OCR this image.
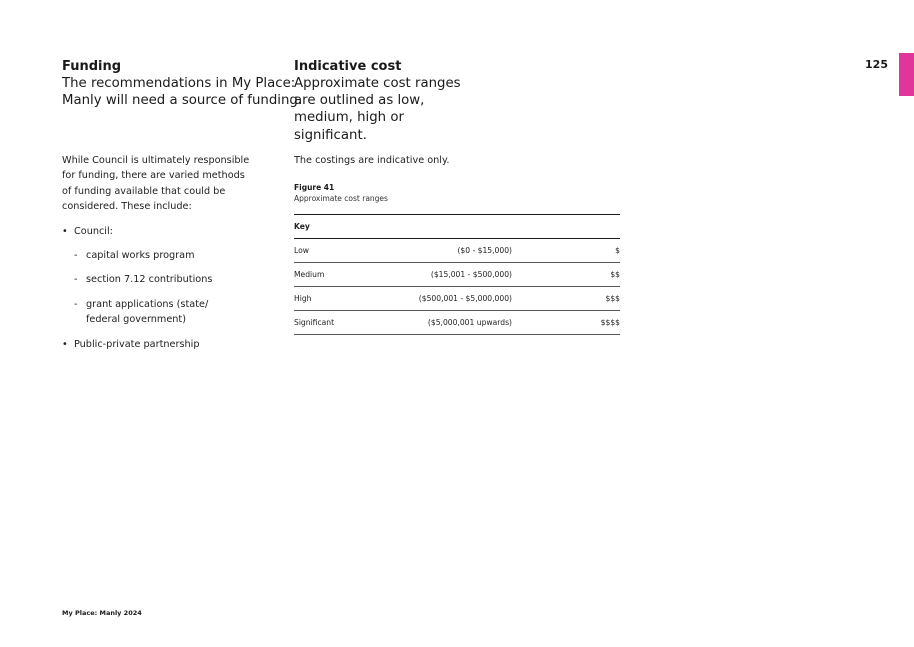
125
Funding
The recommendations in My Place:
Manly will need a source of funding.
Indicative cost
Approximate cost ranges are outlined as low, medium, high or significant.

While Council is ultimately responsible for funding, there are varied methods of funding available that could be considered. These include:

• Council:
- capital works program
- section 7.12 contributions
- grant applications (state/ federal government)
• Public-private partnership

The costings are indicative only.

Figure 41
Approximate cost ranges
Key		
Low	($0 - $15,000)	$
Medium	($15,001 - $500,000)	$$
High	($500,001 - $5,000,000)	$$$
Significant	($5,000,001 upwards)	$$$$
My Place: Manly 2024
